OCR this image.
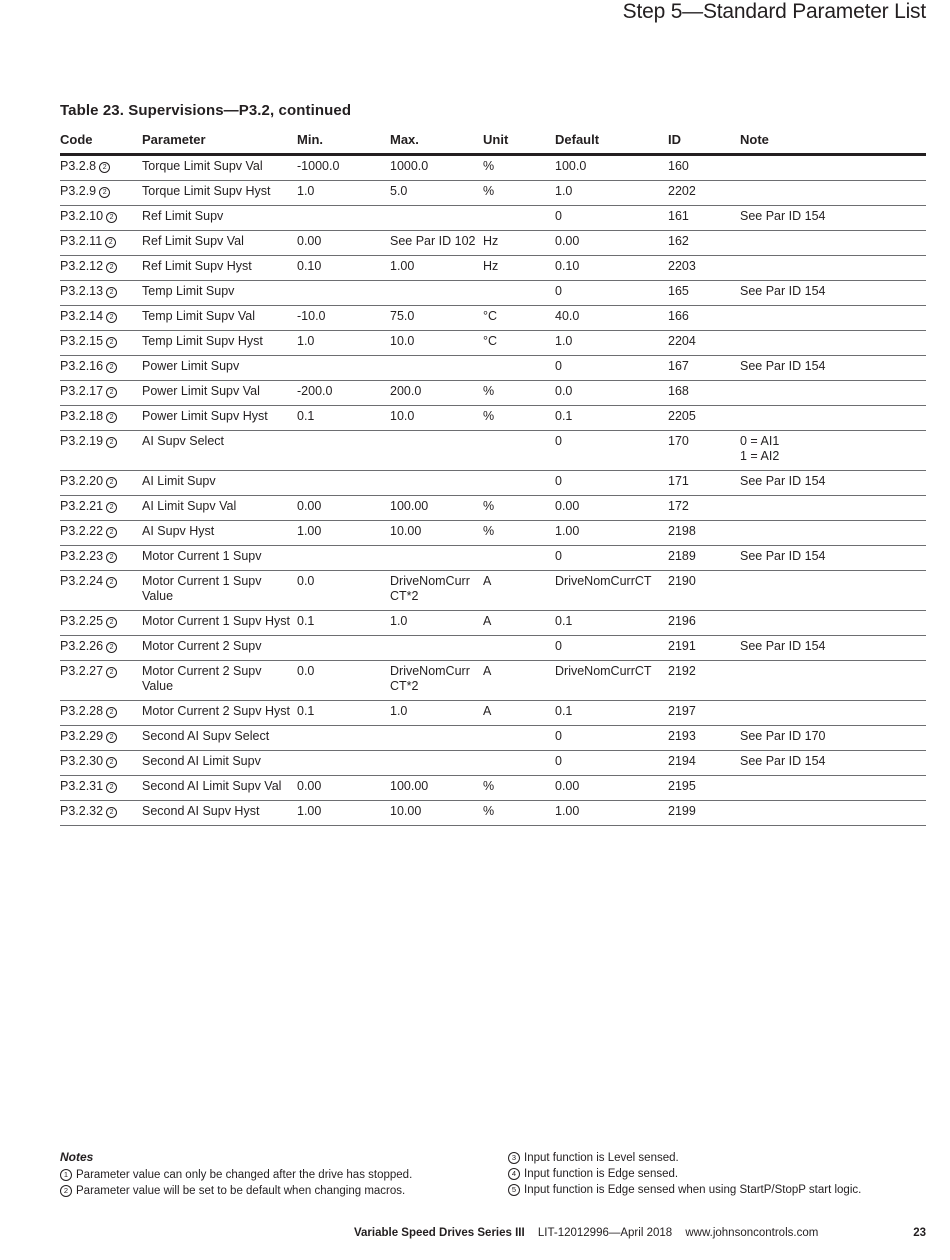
Step 5—Standard Parameter List
Table 23. Supervisions—P3.2, continued
Code	Parameter	Min.	Max.	Unit	Default	ID	Note
P3.2.8 2	Torque Limit Supv Val	-1000.0	1000.0	%	100.0	160	
P3.2.9 2	Torque Limit Supv Hyst	1.0	5.0	%	1.0	2202	
P3.2.10 2	Ref Limit Supv				0	161	See Par ID 154
P3.2.11 2	Ref Limit Supv Val	0.00	See Par ID 102	Hz	0.00	162	
P3.2.12 2	Ref Limit Supv Hyst	0.10	1.00	Hz	0.10	2203	
P3.2.13 2	Temp Limit Supv				0	165	See Par ID 154
P3.2.14 2	Temp Limit Supv Val	-10.0	75.0	°C	40.0	166	
P3.2.15 2	Temp Limit Supv Hyst	1.0	10.0	°C	1.0	2204	
P3.2.16 2	Power Limit Supv				0	167	See Par ID 154
P3.2.17 2	Power Limit Supv Val	-200.0	200.0	%	0.0	168	
P3.2.18 2	Power Limit Supv Hyst	0.1	10.0	%	0.1	2205	
P3.2.19 2	AI Supv Select				0	170	0 = AI1
1 = AI2
P3.2.20 2	AI Limit Supv				0	171	See Par ID 154
P3.2.21 2	AI Limit Supv Val	0.00	100.00	%	0.00	172	
P3.2.22 2	AI Supv Hyst	1.00	10.00	%	1.00	2198	
P3.2.23 2	Motor Current 1 Supv				0	2189	See Par ID 154
P3.2.24 2	Motor Current 1 Supv Value	0.0	DriveNomCurr
CT*2	A	DriveNomCurrCT	2190	
P3.2.25 2	Motor Current 1 Supv Hyst	0.1	1.0	A	0.1	2196	
P3.2.26 2	Motor Current 2 Supv				0	2191	See Par ID 154
P3.2.27 2	Motor Current 2 Supv Value	0.0	DriveNomCurr
CT*2	A	DriveNomCurrCT	2192	
P3.2.28 2	Motor Current 2 Supv Hyst	0.1	1.0	A	0.1	2197	
P3.2.29 2	Second AI Supv Select				0	2193	See Par ID 170
P3.2.30 2	Second AI Limit Supv				0	2194	See Par ID 154
P3.2.31 2	Second AI Limit Supv Val	0.00	100.00	%	0.00	2195	
P3.2.32 2	Second AI Supv Hyst	1.00	10.00	%	1.00	2199	
Notes
1 Parameter value can only be changed after the drive has stopped.
2 Parameter value will be set to be default when changing macros.
3 Input function is Level sensed.
4 Input function is Edge sensed.
5 Input function is Edge sensed when using StartP/StopP start logic.
Variable Speed Drives Series III LIT-12012996—April 2018 www.johnsoncontrols.com	23
